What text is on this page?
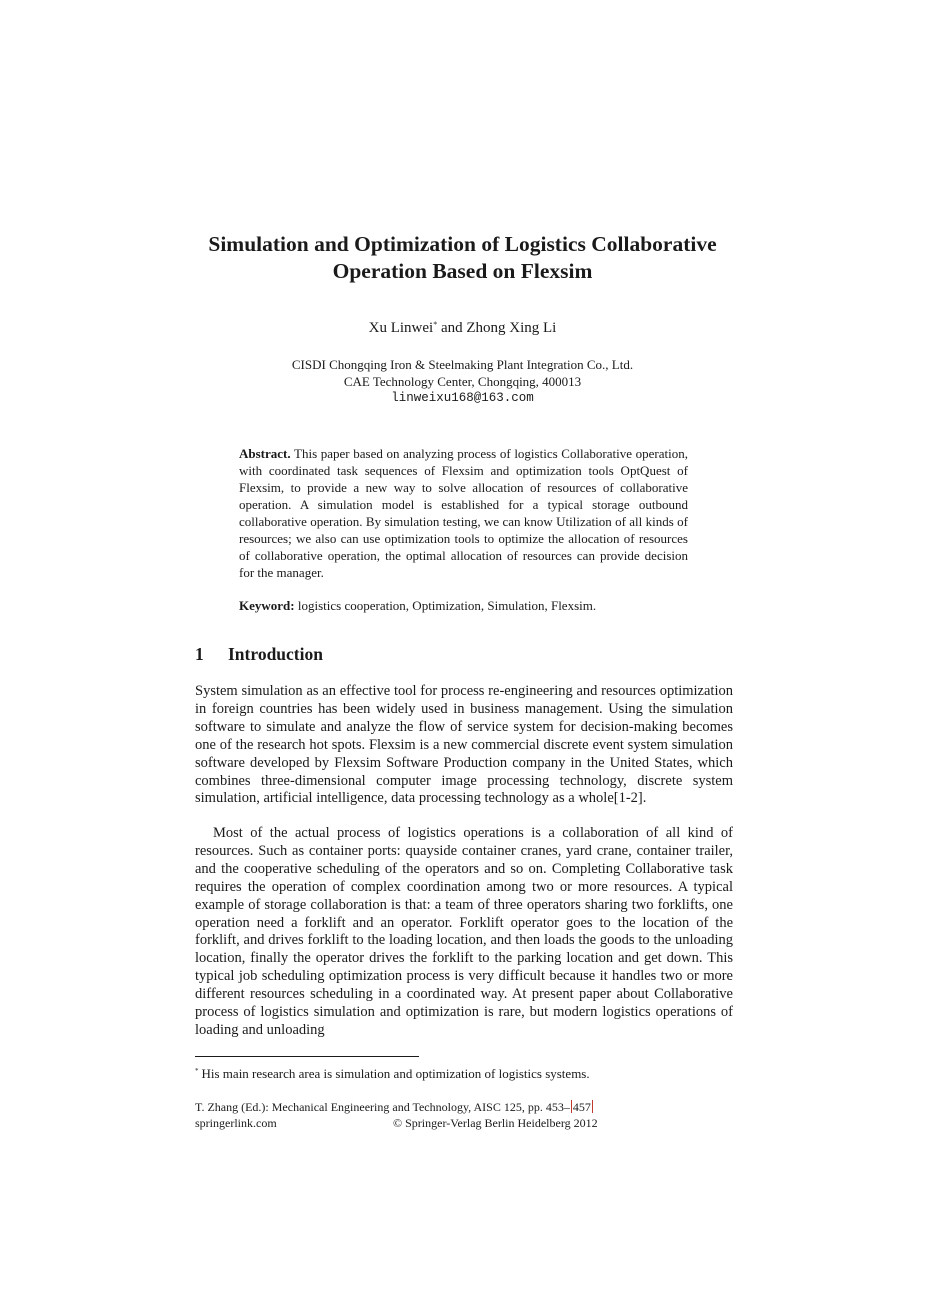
Simulation and Optimization of Logistics Collaborative
Operation Based on Flexsim
Xu Linwei* and Zhong Xing Li
CISDI Chongqing Iron & Steelmaking Plant Integration Co., Ltd.
CAE Technology Center, Chongqing, 400013
linweixu168@163.com

Abstract. This paper based on analyzing process of logistics Collaborative operation, with coordinated task sequences of Flexsim and optimization tools OptQuest of Flexsim, to provide a new way to solve allocation of resources of collaborative operation. A simulation model is established for a typical storage outbound collaborative operation. By simulation testing, we can know Utilization of all kinds of resources; we also can use optimization tools to optimize the allocation of resources of collaborative operation, the optimal allocation of resources can provide decision for the manager.

Keyword: logistics cooperation, Optimization, Simulation, Flexsim.

1	Introduction

System simulation as an effective tool for process re-engineering and resources optimization in foreign countries has been widely used in business management. Using the simulation software to simulate and analyze the flow of service system for decision-making becomes one of the research hot spots. Flexsim is a new commercial discrete event system simulation software developed by Flexsim Software Production company in the United States, which combines three-dimensional computer image processing technology, discrete system simulation, artificial intelligence, data processing technology as a whole[1-2].

Most of the actual process of logistics operations is a collaboration of all kind of resources. Such as container ports: quayside container cranes, yard crane, container trailer, and the cooperative scheduling of the operators and so on. Completing Collaborative task requires the operation of complex coordination among two or more resources. A typical example of storage collaboration is that: a team of three operators sharing two forklifts, one operation need a forklift and an operator. Forklift operator goes to the location of the forklift, and drives forklift to the loading location, and then loads the goods to the unloading location, finally the operator drives the forklift to the parking location and get down. This typical job scheduling optimization process is very difficult because it handles two or more different resources scheduling in a coordinated way. At present paper about Collaborative process of logistics simulation and optimization is rare, but modern logistics operations of loading and unloading

* His main research area is simulation and optimization of logistics systems.

T. Zhang (Ed.): Mechanical Engineering and Technology, AISC 125, pp. 453– 457
springerlink.com	© Springer-Verlag Berlin Heidelberg 2012
